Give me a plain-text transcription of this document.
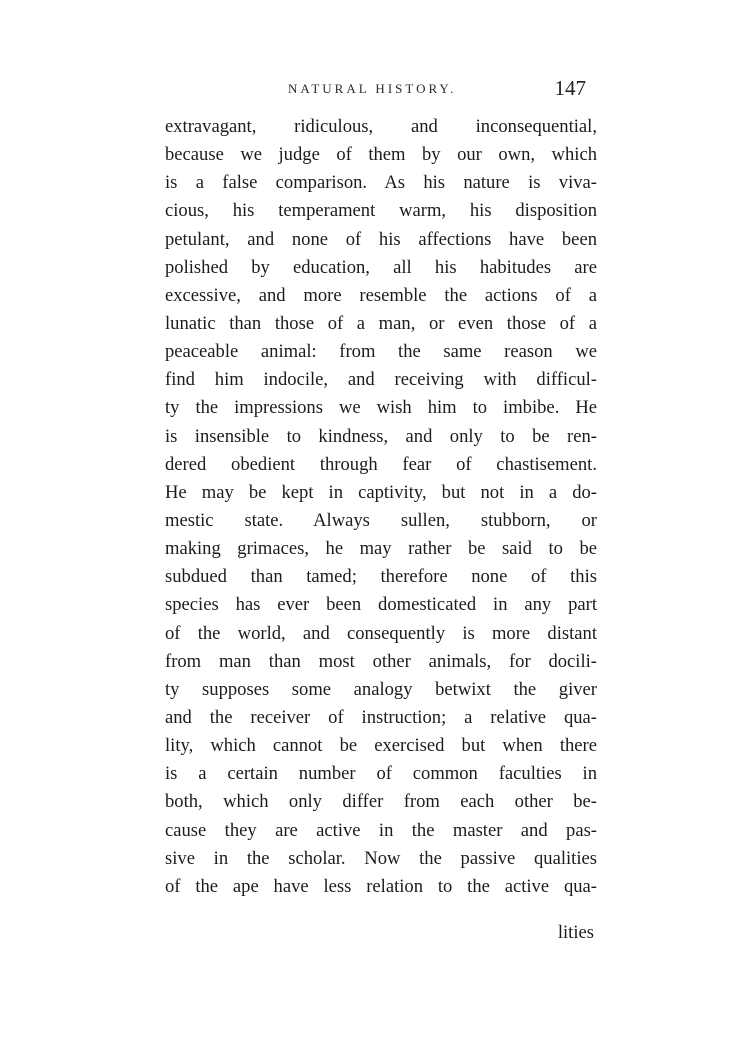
NATURAL HISTORY.	147
extravagant, ridiculous, and inconsequential,
because we judge of them by our own, which
is a false comparison. As his nature is viva-
cious, his temperament warm, his disposition
petulant, and none of his affections have been
polished by education, all his habitudes are
excessive, and more resemble the actions of a
lunatic than those of a man, or even those of a
peaceable animal: from the same reason we
find him indocile, and receiving with difficul-
ty the impressions we wish him to imbibe. He
is insensible to kindness, and only to be ren-
dered obedient through fear of chastisement.
He may be kept in captivity, but not in a do-
mestic state. Always sullen, stubborn, or
making grimaces, he may rather be said to be
subdued than tamed; therefore none of this
species has ever been domesticated in any part
of the world, and consequently is more distant
from man than most other animals, for docili-
ty supposes some analogy betwixt the giver
and the receiver of instruction; a relative qua-
lity, which cannot be exercised but when there
is a certain number of common faculties in
both, which only differ from each other be-
cause they are active in the master and pas-
sive in the scholar. Now the passive qualities
of the ape have less relation to the active qua-
lities
